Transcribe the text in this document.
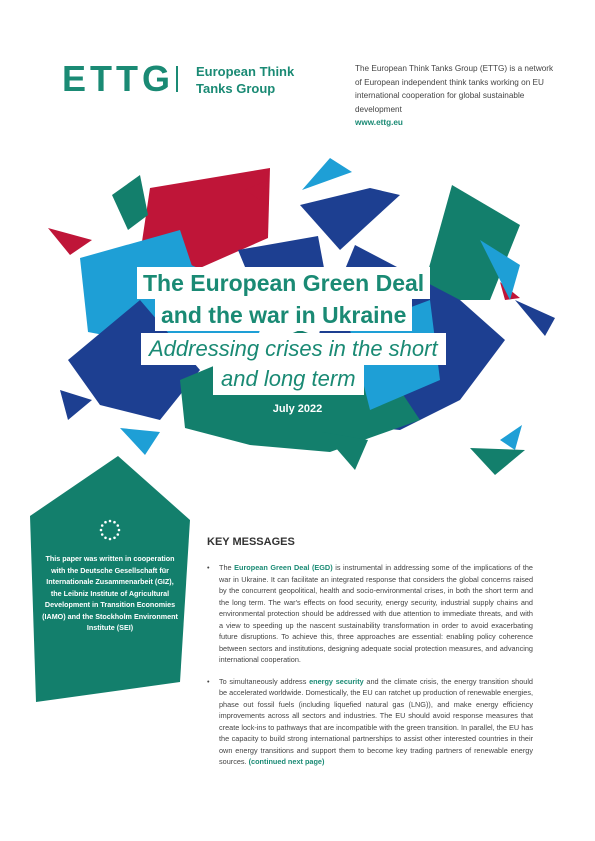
ETTG European Think
Tanks Group
The European Think Tanks Group (ETTG) is a network of European independent think tanks working on EU international cooperation for global sustainable development
www.ettg.eu
The European Green Deal
and the war in Ukraine
Addressing crises in the short
and long term
July 2022
This paper was written in cooperation with the Deutsche Gesellschaft für Internationale Zusammenarbeit (GIZ), the Leibniz Institute of Agricultural Development in Transition Economies (IAMO) and the Stockholm Environment Institute (SEI)
KEY MESSAGES
• The European Green Deal (EGD) is instrumental in addressing some of the implications of the war in Ukraine. It can facilitate an integrated response that considers the global concerns raised by the concurrent geopolitical, health and socio-environmental crises, in both the short term and the long term. The war's effects on food security, energy security, industrial supply chains and environmental protection should be addressed with due attention to immediate threats, and with a view to speeding up the nascent sustainability transformation in order to avoid exacerbating future disruptions. To achieve this, three approaches are essential: enabling policy coherence between sectors and institutions, designing adequate social protection measures, and advancing international cooperation.
• To simultaneously address energy security and the climate crisis, the energy transition should be accelerated worldwide. Domestically, the EU can ratchet up production of renewable energies, phase out fossil fuels (including liquefied natural gas (LNG)), and make energy efficiency improvements across all sectors and industries. The EU should avoid response measures that create lock-ins to pathways that are incompatible with the green transition. In parallel, the EU has the capacity to build strong international partnerships to assist other interested countries in their own energy transitions and support them to become key trading partners of renewable energy sources. (continued next page)
